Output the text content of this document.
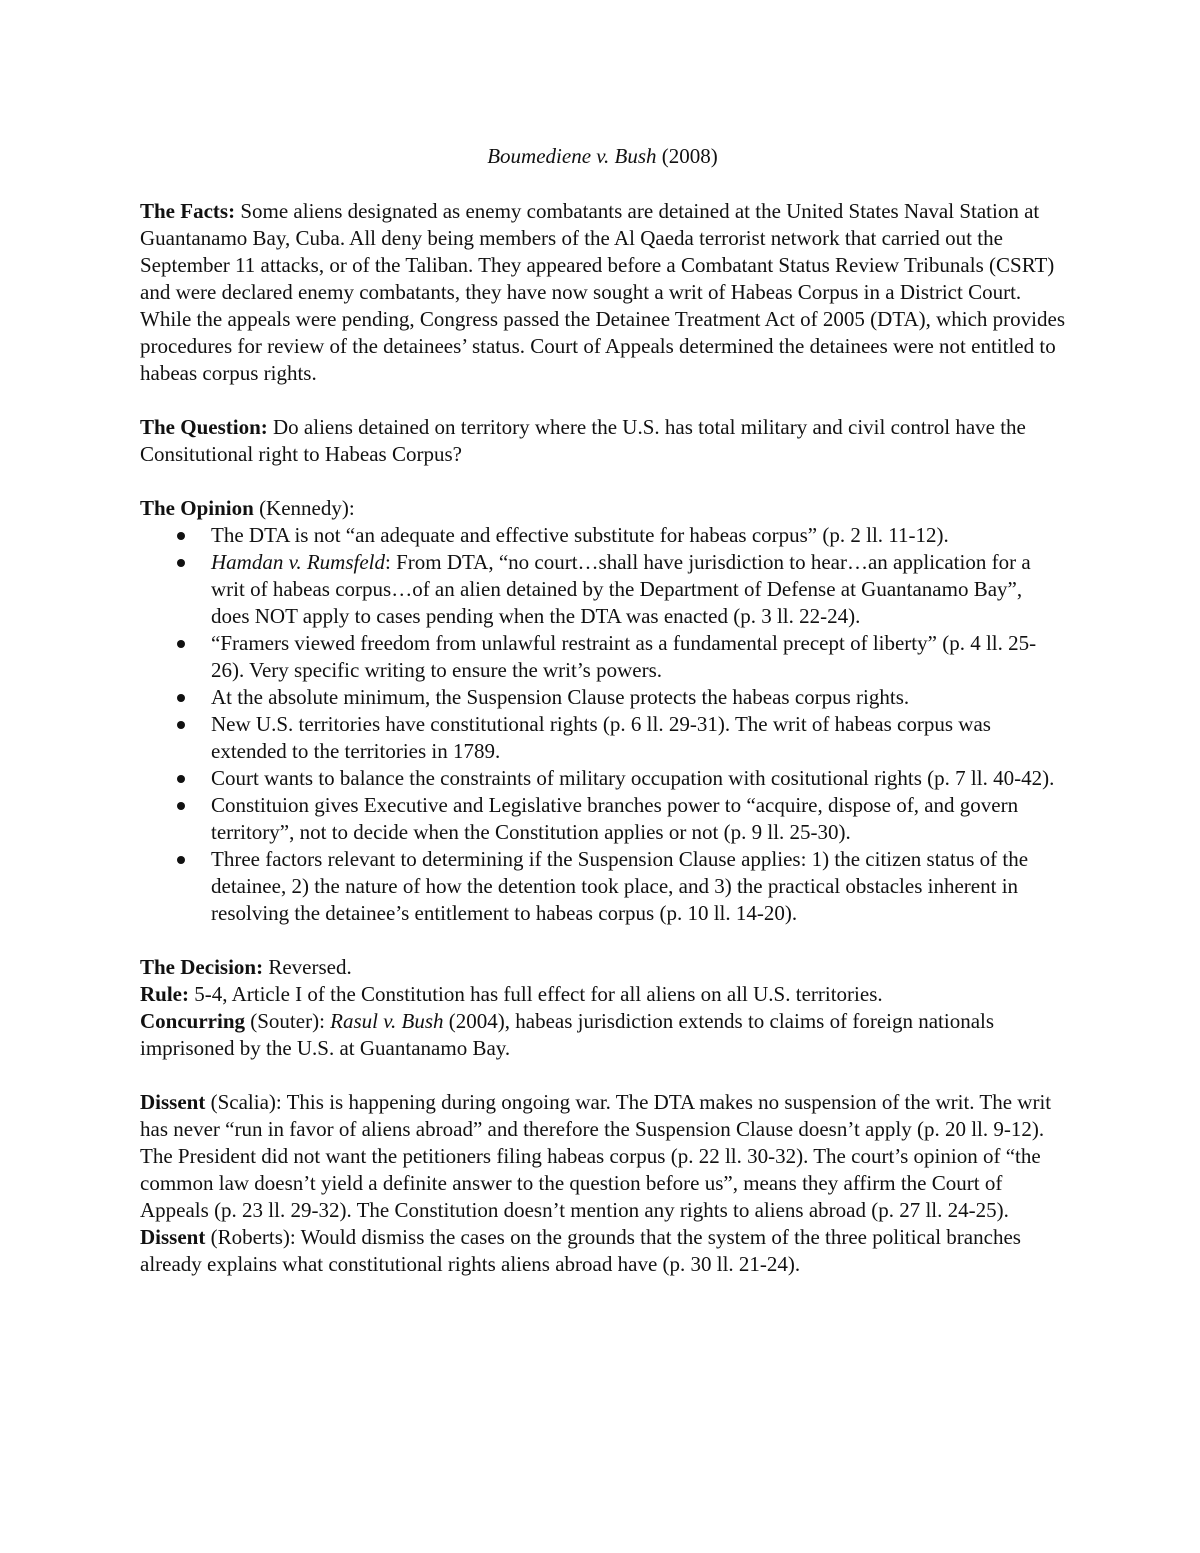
Boumediene v. Bush (2008)

The Facts: Some aliens designated as enemy combatants are detained at the United States Naval Station at Guantanamo Bay, Cuba. All deny being members of the Al Qaeda terrorist network that carried out the September 11 attacks, or of the Taliban. They appeared before a Combatant Status Review Tribunals (CSRT) and were declared enemy combatants, they have now sought a writ of Habeas Corpus in a District Court. While the appeals were pending, Congress passed the Detainee Treatment Act of 2005 (DTA), which provides procedures for review of the detainees’ status. Court of Appeals determined the detainees were not entitled to habeas corpus rights.

The Question: Do aliens detained on territory where the U.S. has total military and civil control have the Consitutional right to Habeas Corpus?

The Opinion (Kennedy):

The DTA is not “an adequate and effective substitute for habeas corpus” (p. 2 ll. 11-12).
Hamdan v. Rumsfeld: From DTA, “no court…shall have jurisdiction to hear…an application for a writ of habeas corpus…of an alien detained by the Department of Defense at Guantanamo Bay”, does NOT apply to cases pending when the DTA was enacted (p. 3 ll. 22-24).
“Framers viewed freedom from unlawful restraint as a fundamental precept of liberty” (p. 4 ll. 25-26). Very specific writing to ensure the writ’s powers.
At the absolute minimum, the Suspension Clause protects the habeas corpus rights.
New U.S. territories have constitutional rights (p. 6 ll. 29-31). The writ of habeas corpus was extended to the territories in 1789.
Court wants to balance the constraints of military occupation with cositutional rights (p. 7 ll. 40-42).
Constituion gives Executive and Legislative branches power to “acquire, dispose of, and govern territory”, not to decide when the Constitution applies or not (p. 9 ll. 25-30).
Three factors relevant to determining if the Suspension Clause applies: 1) the citizen status of the detainee, 2) the nature of how the detention took place, and 3) the practical obstacles inherent in resolving the detainee’s entitlement to habeas corpus (p. 10 ll. 14-20).

The Decision: Reversed.

Rule: 5-4, Article I of the Constitution has full effect for all aliens on all U.S. territories.

Concurring (Souter): Rasul v. Bush (2004), habeas jurisdiction extends to claims of foreign nationals imprisoned by the U.S. at Guantanamo Bay.

Dissent (Scalia): This is happening during ongoing war. The DTA makes no suspension of the writ. The writ has never “run in favor of aliens abroad” and therefore the Suspension Clause doesn’t apply (p. 20 ll. 9-12). The President did not want the petitioners filing habeas corpus (p. 22 ll. 30-32). The court’s opinion of “the common law doesn’t yield a definite answer to the question before us”, means they affirm the Court of Appeals (p. 23 ll. 29-32). The Constitution doesn’t mention any rights to aliens abroad (p. 27 ll. 24-25).

Dissent (Roberts): Would dismiss the cases on the grounds that the system of the three political branches already explains what constitutional rights aliens abroad have (p. 30 ll. 21-24).
